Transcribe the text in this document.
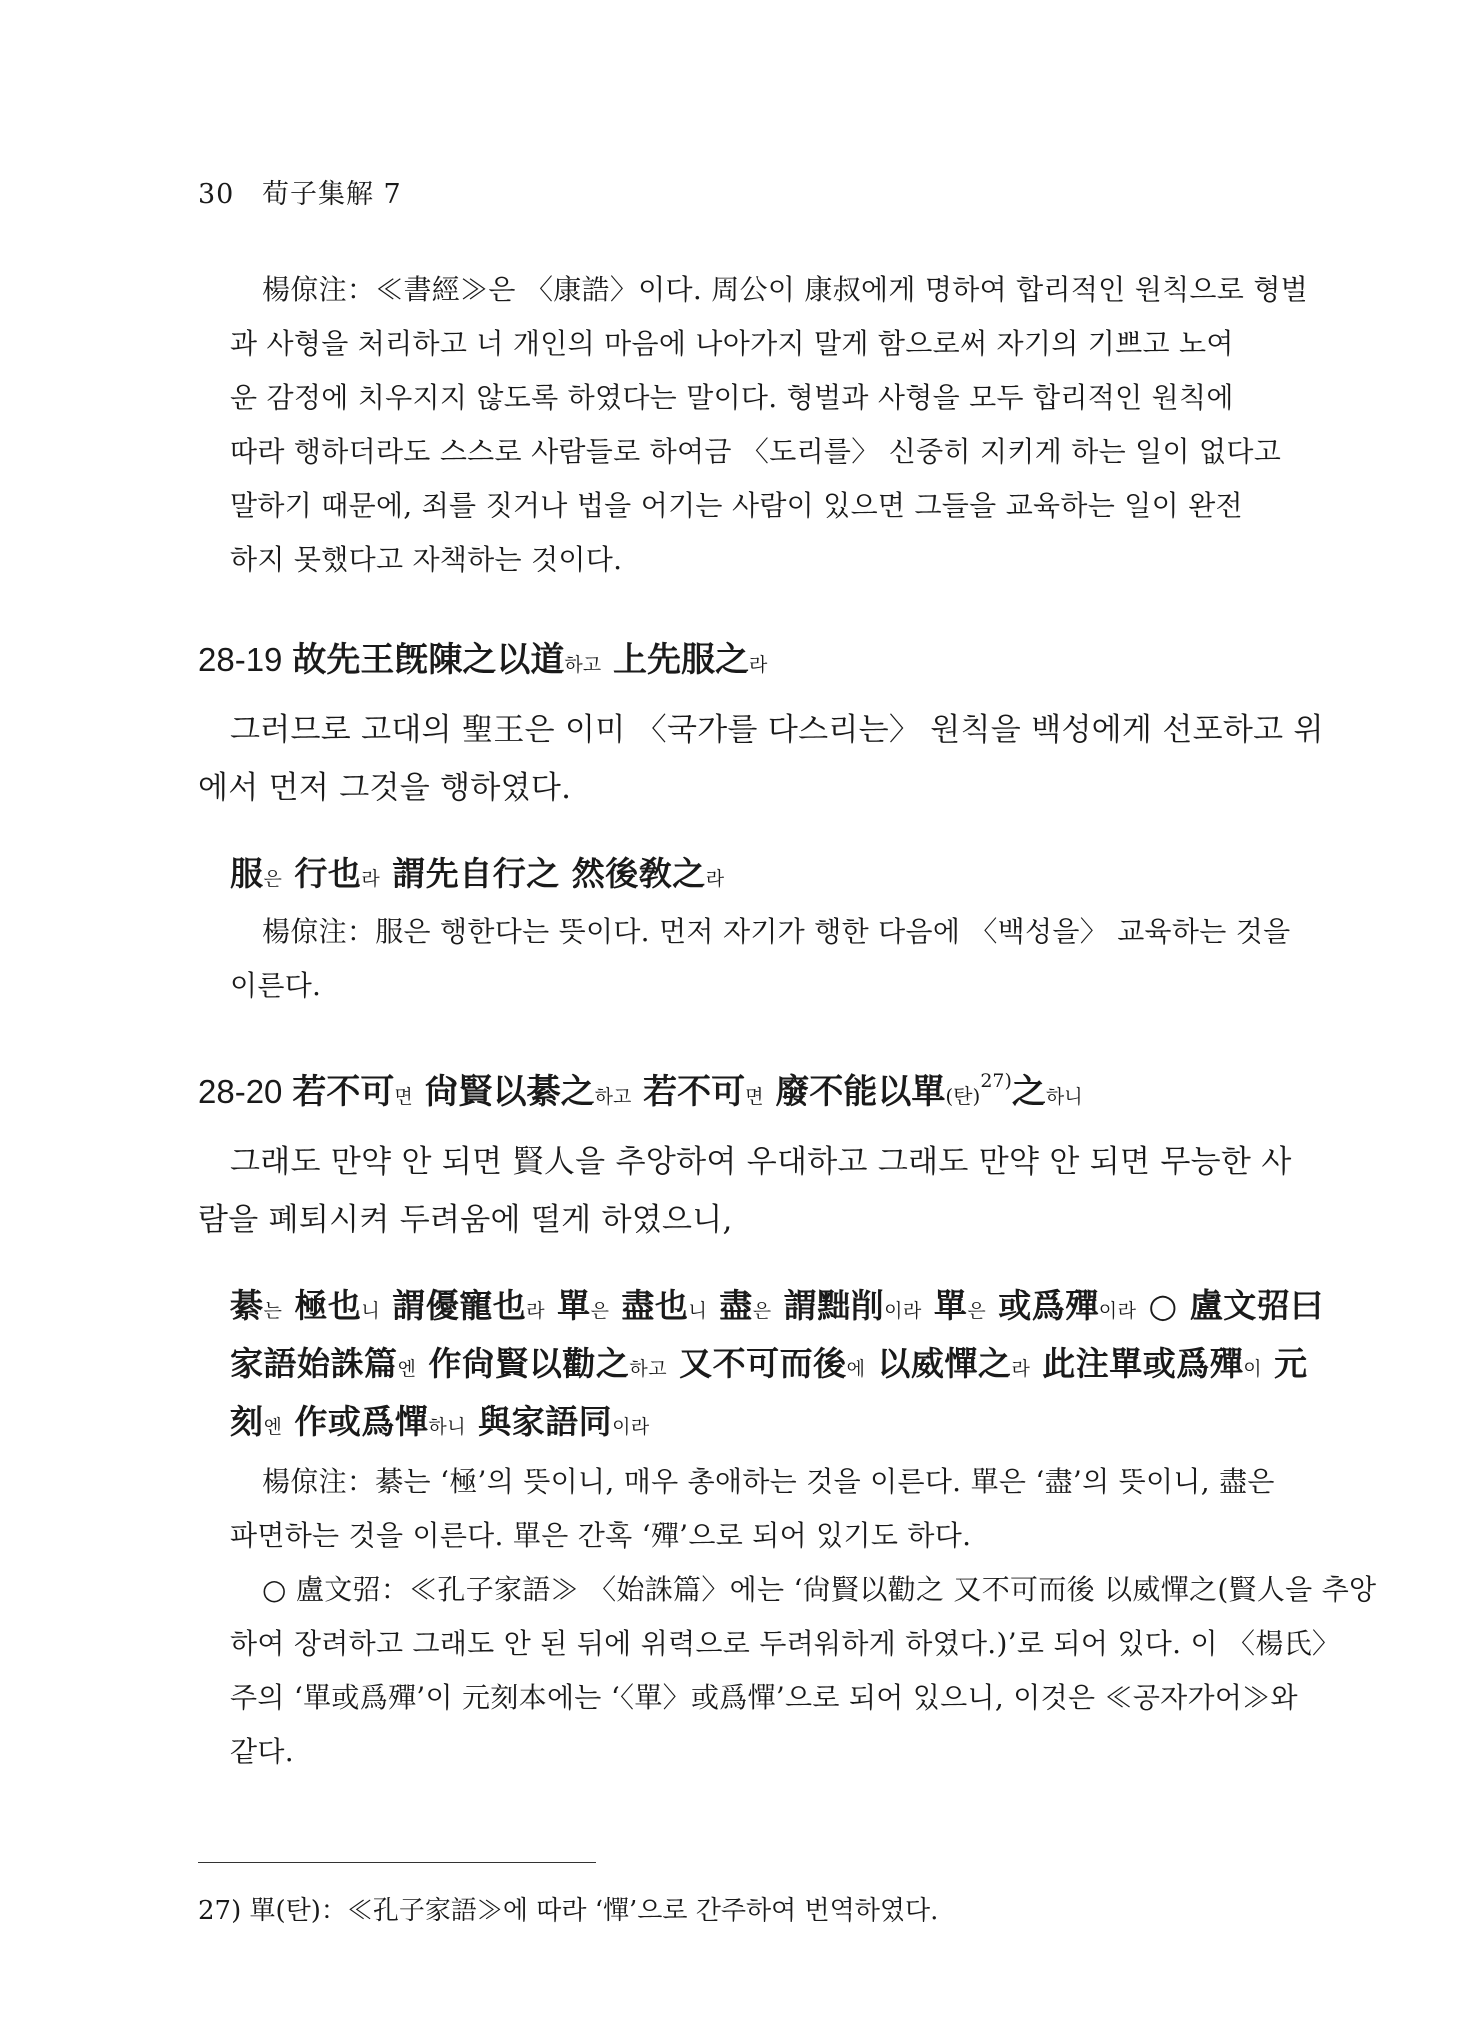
30 荀子集解 7

楊倞注：≪書經≫은 〈康誥〉이다. 周公이 康叔에게 명하여 합리적인 원칙으로 형벌

과 사형을 처리하고 너 개인의 마음에 나아가지 말게 함으로써 자기의 기쁘고 노여

운 감정에 치우지지 않도록 하였다는 말이다. 형벌과 사형을 모두 합리적인 원칙에

따라 행하더라도 스스로 사람들로 하여금 〈도리를〉 신중히 지키게 하는 일이 없다고

말하기 때문에, 죄를 짓거나 법을 어기는 사람이 있으면 그들을 교육하는 일이 완전

하지 못했다고 자책하는 것이다.

28-19 故先王旣陳之以道하고 上先服之라

그러므로 고대의 聖王은 이미 〈국가를 다스리는〉 원칙을 백성에게 선포하고 위

에서 먼저 그것을 행하였다.

服은 行也라 謂先自行之 然後敎之라

楊倞注：服은 행한다는 뜻이다. 먼저 자기가 행한 다음에 〈백성을〉 교육하는 것을

이른다.

28-20 若不可면 尙賢以綦之하고 若不可면 廢不能以單(탄)$^{27)}$之하니

그래도 만약 안 되면 賢人을 추앙하여 우대하고 그래도 만약 안 되면 무능한 사

람을 폐퇴시켜 두려움에 떨게 하였으니,

綦는 極也니 謂優寵也라 單은 盡也니 盡은 謂黜削이라 單은 或爲殫이라 ○ 盧文弨曰
家語始誅篇엔 作尙賢以勸之하고 又不可而後에 以威憚之라 此注單或爲殫이 元
刻엔 作或爲憚하니 與家語同이라

楊倞注：綦는 ‘極’의 뜻이니, 매우 총애하는 것을 이른다. 單은 ‘盡’의 뜻이니, 盡은

파면하는 것을 이른다. 單은 간혹 ‘殫’으로 되어 있기도 하다.

○ 盧文弨：≪孔子家語≫ 〈始誅篇〉에는 ‘尙賢以勸之 又不可而後 以威憚之(賢人을 추앙

하여 장려하고 그래도 안 된 뒤에 위력으로 두려워하게 하였다.)’로 되어 있다. 이 〈楊氏〉

주의 ‘單或爲殫’이 元刻本에는 ‘〈單〉或爲憚’으로 되어 있으니, 이것은 ≪공자가어≫와

같다.

27) 單(탄)：≪孔子家語≫에 따라 ‘憚’으로 간주하여 번역하였다.
